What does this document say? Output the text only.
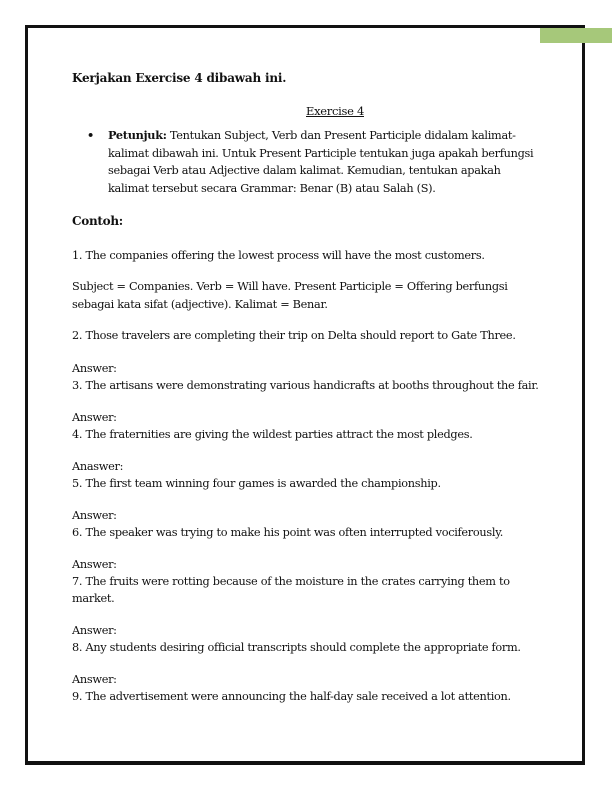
Kerjakan Exercise 4 dibawah ini.

Exercise 4

•	Petunjuk: Tentukan Subject, Verb dan Present Participle didalam kalimat-kalimat dibawah ini. Untuk Present Participle tentukan juga apakah berfungsi sebagai Verb atau Adjective dalam kalimat. Kemudian, tentukan apakah kalimat tersebut secara Grammar: Benar (B) atau Salah (S).
Contoh:
1. The companies offering the lowest process will have the most customers.
Subject = Companies. Verb = Will have. Present Participle = Offering berfungsi sebagai kata sifat (adjective). Kalimat = Benar.
2. Those travelers are completing their trip on Delta should report to Gate Three.
Answer:
3. The artisans were demonstrating various handicrafts at booths throughout the fair.
Answer:
4. The fraternities are giving the wildest parties attract the most pledges.
Anaswer:
5. The first team winning four games is awarded the championship.
Answer:
6. The speaker was trying to make his point was often interrupted vociferously.
Answer:
7. The fruits were rotting because of the moisture in the crates carrying them to market.
Answer:
8. Any students desiring official transcripts should complete the appropriate form.
Answer:
9. The advertisement were announcing the half-day sale received a lot attention.
